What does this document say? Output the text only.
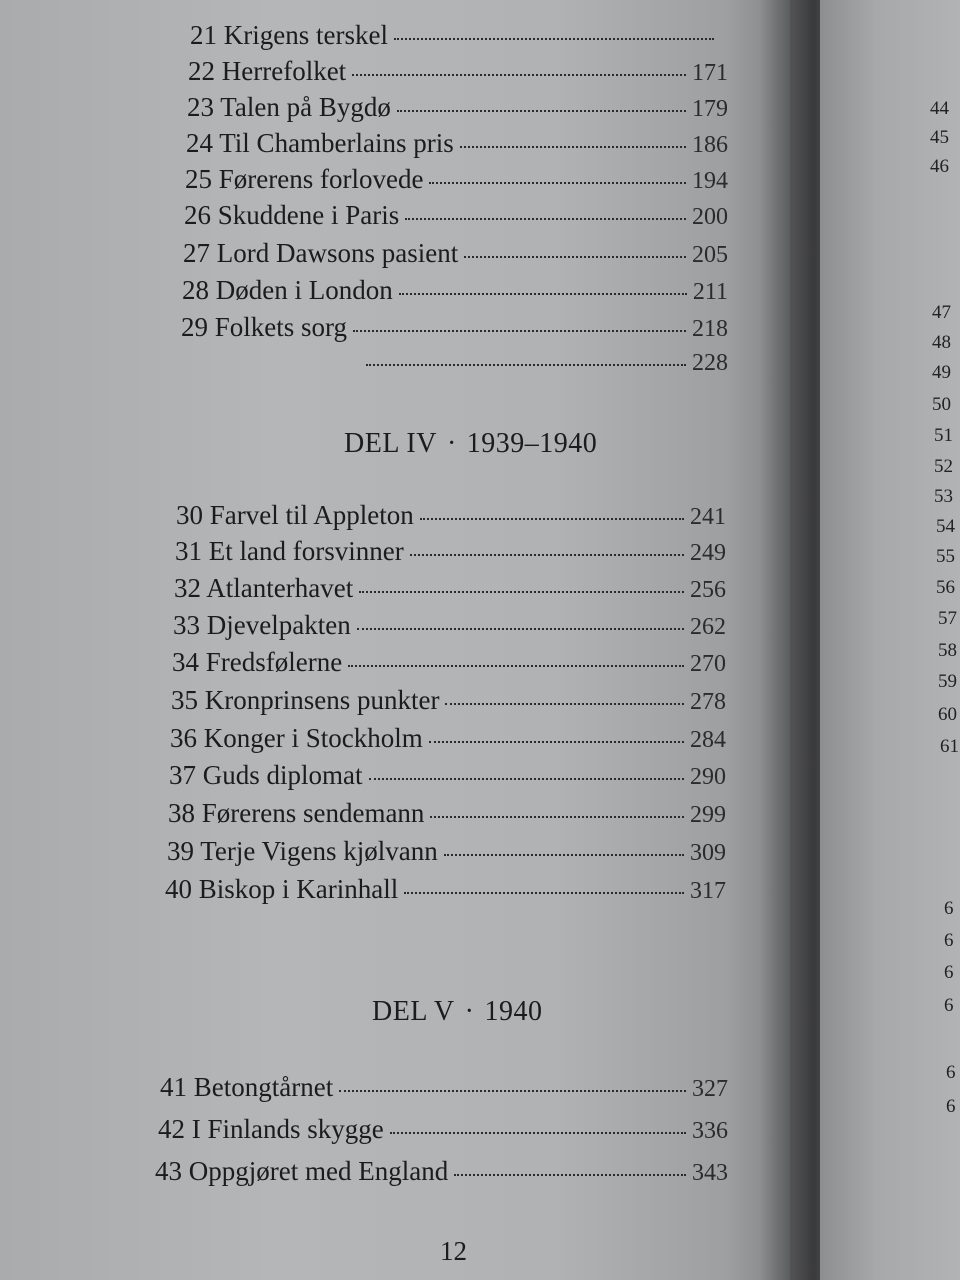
21 Krigens terskel
22 Herrefolket	171
23 Talen på Bygdø	179
24 Til Chamberlains pris	186
25 Førerens forlovede	194
26 Skuddene i Paris	200
27 Lord Dawsons pasient	205
28 Døden i London	211
29 Folkets sorg	218
228
DEL IV · 1939–1940
30 Farvel til Appleton	241
31 Et land forsvinner	249
32 Atlanterhavet	256
33 Djevelpakten	262
34 Fredsfølerne	270
35 Kronprinsens punkter	278
36 Konger i Stockholm	284
37 Guds diplomat	290
38 Førerens sendemann	299
39 Terje Vigens kjølvann	309
40 Biskop i Karinhall	317
DEL V · 1940
41 Betongtårnet	327
42 I Finlands skygge	336
43 Oppgjøret med England	343
12
44
45
46
47
48
49
50
51
52
53
54
55
56
57
58
59
60
61
6
6
6
6
6
6
